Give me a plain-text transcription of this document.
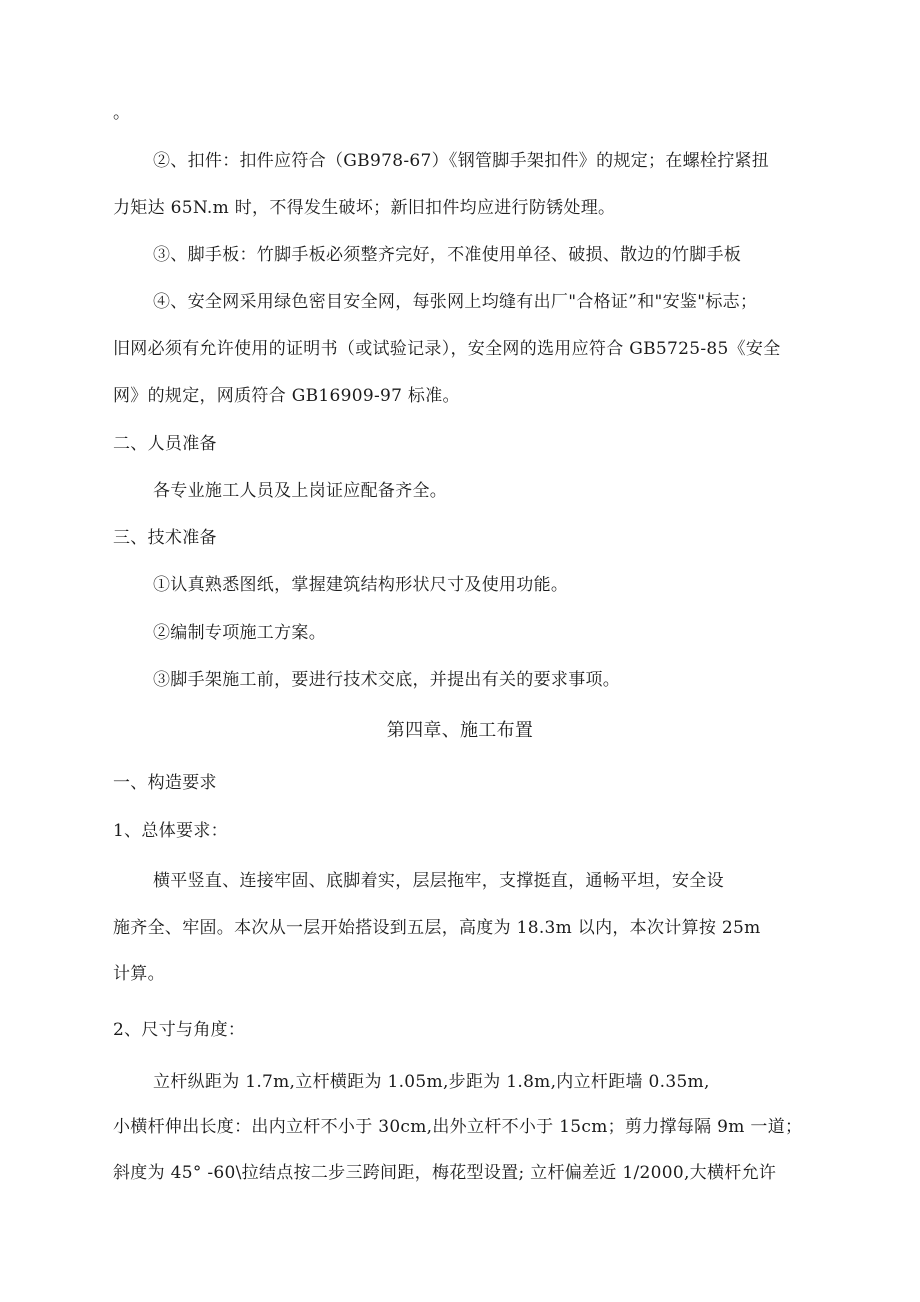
。
②、扣件：扣件应符合（GB978-67）《钢管脚手架扣件》的规定；在螺栓拧紧扭
力矩达 65N.m 时，不得发生破坏；新旧扣件均应进行防锈处理。
③、脚手板：竹脚手板必须整齐完好，不准使用单径、破损、散边的竹脚手板
④、安全网采用绿色密目安全网，每张网上均缝有出厂"合格证”和"安鉴"标志；
旧网必须有允许使用的证明书（或试验记录），安全网的选用应符合 GB5725-85《安全
网》的规定，网质符合 GB16909-97 标准。
二、人员准备
各专业施工人员及上岗证应配备齐全。
三、技术准备
①认真熟悉图纸，掌握建筑结构形状尺寸及使用功能。
②编制专项施工方案。
③脚手架施工前，要进行技术交底，并提出有关的要求事项。
第四章、施工布置
一、构造要求
1、总体要求：
横平竖直、连接牢固、底脚着实，层层拖牢，支撑挺直，通畅平坦，安全设
施齐全、牢固。本次从一层开始搭设到五层，高度为 18.3m 以内，本次计算按 25m
计算。
2、尺寸与角度：
立杆纵距为 1.7m,立杆横距为 1.05m,步距为 1.8m,内立杆距墙 0.35m,
小横杆伸出长度：出内立杆不小于 30cm,出外立杆不小于 15cm；剪力撑每隔 9m 一道；
斜度为 45° -60\拉结点按二步三跨间距，梅花型设置; 立杆偏差近 1/2000,大横杆允许
